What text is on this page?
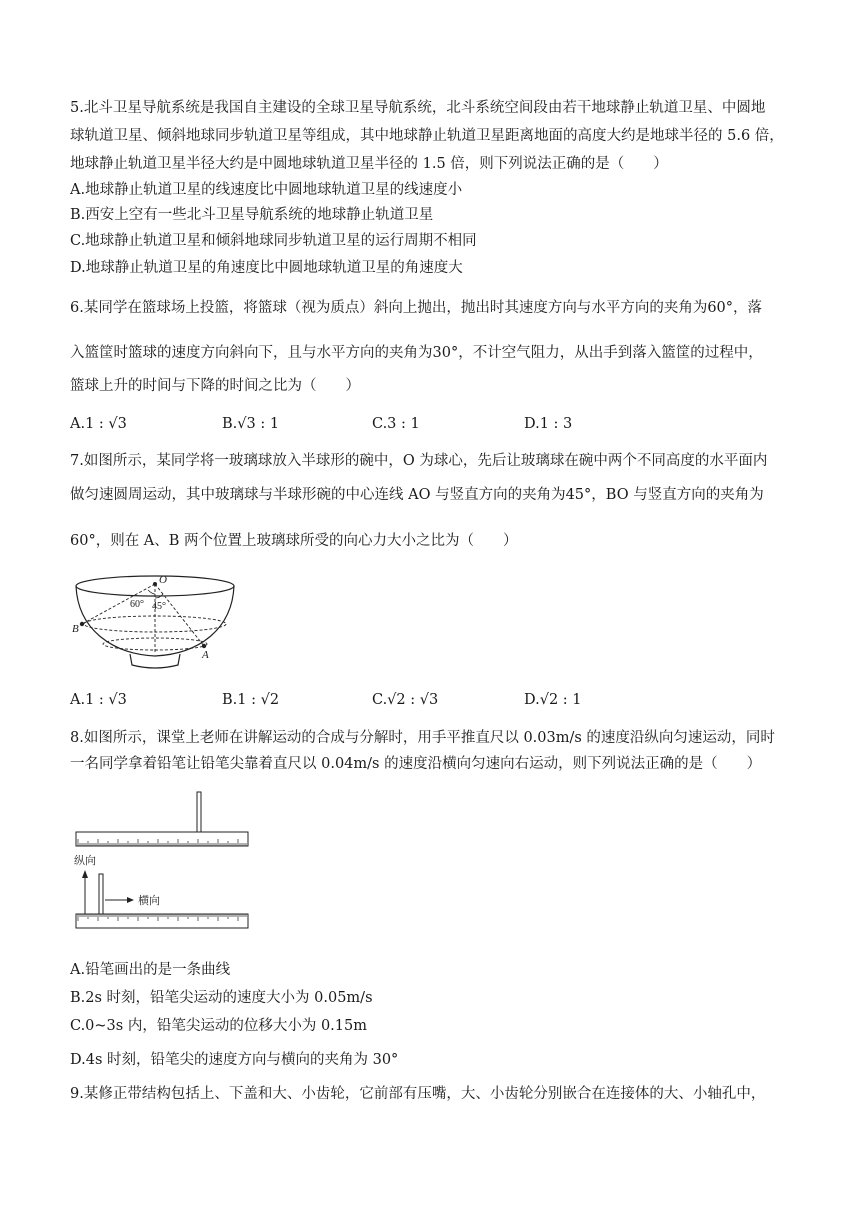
5.北斗卫星导航系统是我国自主建设的全球卫星导航系统，北斗系统空间段由若干地球静止轨道卫星、中圆地
球轨道卫星、倾斜地球同步轨道卫星等组成，其中地球静止轨道卫星距离地面的高度大约是地球半径的 5.6 倍，
地球静止轨道卫星半径大约是中圆地球轨道卫星半径的 1.5 倍，则下列说法正确的是（　　）
A.地球静止轨道卫星的线速度比中圆地球轨道卫星的线速度小
B.西安上空有一些北斗卫星导航系统的地球静止轨道卫星
C.地球静止轨道卫星和倾斜地球同步轨道卫星的运行周期不相同
D.地球静止轨道卫星的角速度比中圆地球轨道卫星的角速度大
6.某同学在篮球场上投篮，将篮球（视为质点）斜向上抛出，抛出时其速度方向与水平方向的夹角为60°，落
入篮筐时篮球的速度方向斜向下，且与水平方向的夹角为30°，不计空气阻力，从出手到落入篮筐的过程中，
篮球上升的时间与下降的时间之比为（　　）
A.1 : √3	B.√3 : 1	C.3 : 1	D.1 : 3
7.如图所示，某同学将一玻璃球放入半球形的碗中，O 为球心，先后让玻璃球在碗中两个不同高度的水平面内
做匀速圆周运动，其中玻璃球与半球形碗的中心连线 AO 与竖直方向的夹角为45°，BO 与竖直方向的夹角为
60°，则在 A、B 两个位置上玻璃球所受的向心力大小之比为（　　）
O
60° 45°
B
A
A.1 : √3	B.1 : √2	C.√2 : √3	D.√2 : 1
8.如图所示，课堂上老师在讲解运动的合成与分解时，用手平推直尺以 0.03m/s 的速度沿纵向匀速运动，同时
一名同学拿着铅笔让铅笔尖靠着直尺以 0.04m/s 的速度沿横向匀速向右运动，则下列说法正确的是（　　）
纵向
横向
A.铅笔画出的是一条曲线
B.2s 时刻，铅笔尖运动的速度大小为 0.05m/s
C.0~3s 内，铅笔尖运动的位移大小为 0.15m
D.4s 时刻，铅笔尖的速度方向与横向的夹角为 30°
9.某修正带结构包括上、下盖和大、小齿轮，它前部有压嘴，大、小齿轮分别嵌合在连接体的大、小轴孔中，
